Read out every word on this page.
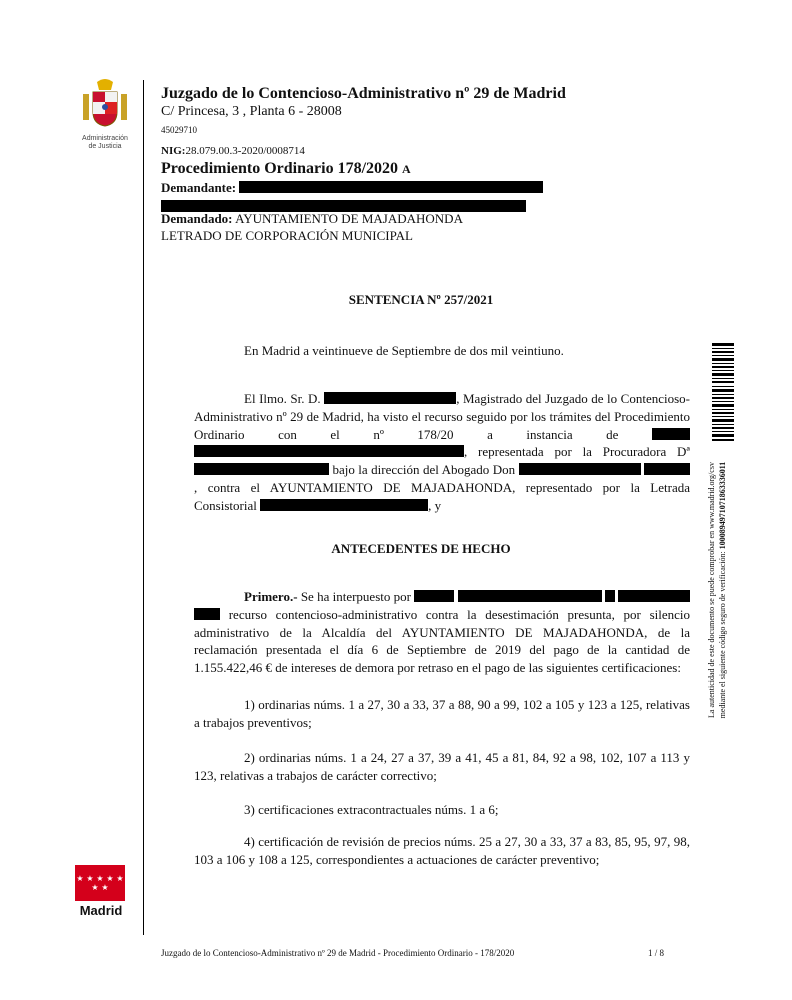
Administración
de Justicia
Juzgado de lo Contencioso-Administrativo nº 29 de Madrid
C/ Princesa, 3 , Planta 6 - 28008
45029710
NIG:28.079.00.3-2020/0008714
Procedimiento Ordinario 178/2020 A
Demandante:
Demandado: AYUNTAMIENTO DE MAJADAHONDA
LETRADO DE CORPORACIÓN MUNICIPAL
SENTENCIA Nº 257/2021
En Madrid a veintinueve de Septiembre de dos mil veintiuno.
El Ilmo. Sr. D.	, Magistrado del Juzgado de lo Contencioso-Administrativo nº 29 de Madrid, ha visto el recurso seguido por los trámites del Procedimiento Ordinario con el nº 178/20 a instancia de  , representada por la Procuradora Dª  bajo la dirección del Abogado Don  , contra el AYUNTAMIENTO DE MAJADAHONDA, representado por la Letrada Consistorial	, y
ANTECEDENTES DE HECHO
Primero.- Se ha interpuesto por      recurso contencioso-administrativo contra la desestimación presunta, por silencio administrativo de la Alcaldía del AYUNTAMIENTO DE MAJADAHONDA, de la reclamación presentada el día 6 de Septiembre de 2019 del pago de la cantidad de 1.155.422,46 € de intereses de demora por retraso en el pago de las siguientes certificaciones:
1) ordinarias núms. 1 a 27, 30 a 33, 37 a 88, 90 a 99, 102 a 105 y 123 a 125, relativas a trabajos preventivos;
2) ordinarias núms. 1 a 24, 27 a 37, 39 a 41, 45 a 81, 84, 92 a 98, 102, 107 a 113 y 123, relativas a trabajos de carácter correctivo;
3) certificaciones extracontractuales núms. 1 a 6;
4) certificación de revisión de precios núms. 25 a 27, 30 a 33, 37 a 83, 85, 95, 97, 98, 103 a 106 y 108 a 125, correspondientes a actuaciones de carácter preventivo;
La autenticidad de este documento se puede comprobar en www.madrid.org/csv mediante el siguiente código seguro de verificación: 1000894971071863336011
★ ★ ★ ★ ★
★ ★
Madrid
Juzgado de lo Contencioso-Administrativo nº 29 de Madrid - Procedimiento Ordinario - 178/2020	1 / 8
